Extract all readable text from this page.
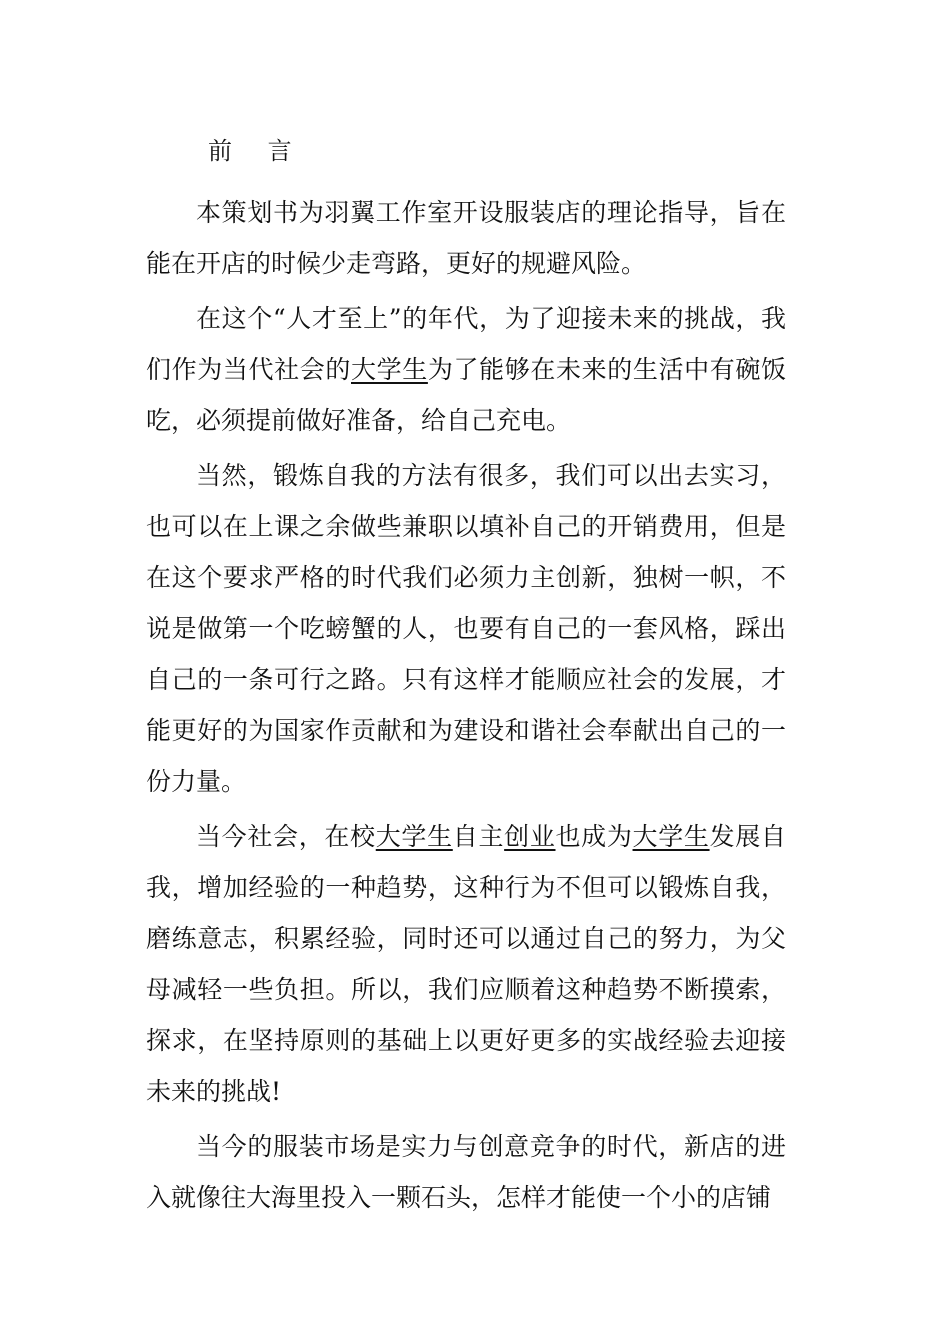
前 言

本策划书为羽翼工作室开设服装店的理论指导，旨在能在开店的时候少走弯路，更好的规避风险。

在这个“人才至上”的年代，为了迎接未来的挑战，我们作为当代社会的大学生为了能够在未来的生活中有碗饭吃，必须提前做好准备，给自己充电。

当然，锻炼自我的方法有很多，我们可以出去实习，也可以在上课之余做些兼职以填补自己的开销费用，但是在这个要求严格的时代我们必须力主创新，独树一帜，不说是做第一个吃螃蟹的人，也要有自己的一套风格，踩出自己的一条可行之路。只有这样才能顺应社会的发展，才能更好的为国家作贡献和为建设和谐社会奉献出自己的一份力量。

当今社会，在校大学生自主创业也成为大学生发展自我，增加经验的一种趋势，这种行为不但可以锻炼自我，磨练意志，积累经验，同时还可以通过自己的努力，为父母减轻一些负担。所以，我们应顺着这种趋势不断摸索，探求，在坚持原则的基础上以更好更多的实战经验去迎接未来的挑战!

当今的服装市场是实力与创意竞争的时代，新店的进入就像往大海里投入一颗石头，怎样才能使一个小的店铺
